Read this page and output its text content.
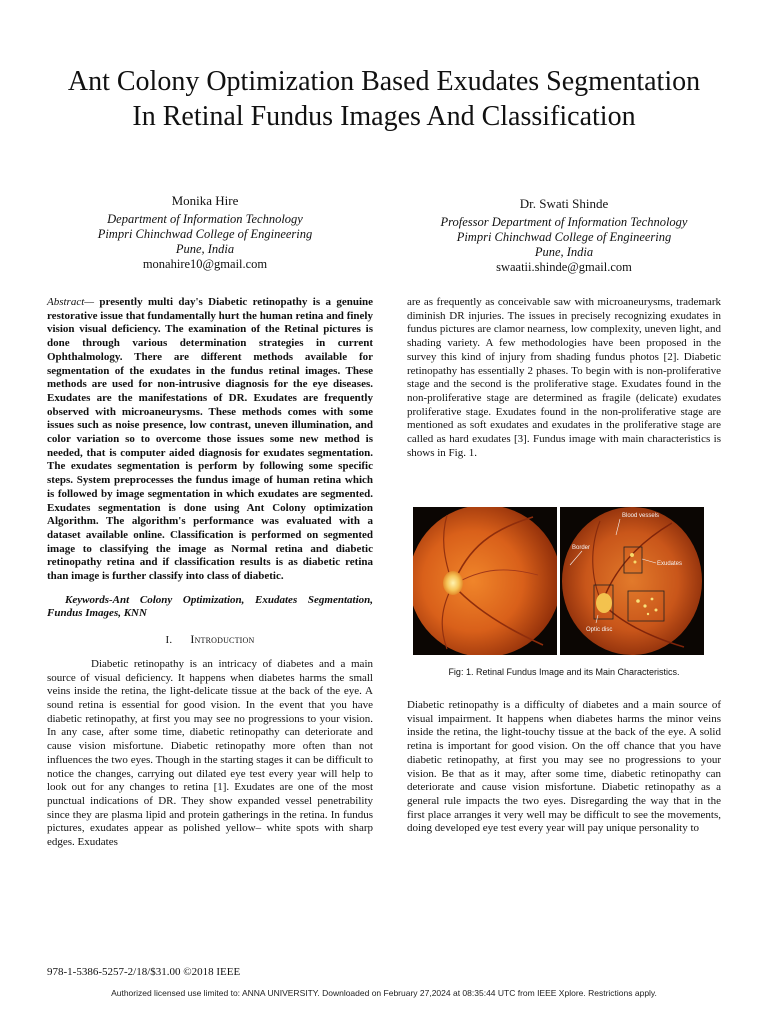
Ant Colony Optimization Based Exudates Segmentation In Retinal Fundus Images And Classification
Monika Hire
Department of Information Technology
Pimpri Chinchwad College of Engineering
Pune, India
monahire10@gmail.com
Dr. Swati Shinde
Professor Department of Information Technology
Pimpri Chinchwad College of Engineering
Pune, India
swaatii.shinde@gmail.com

Abstract— presently multi day's Diabetic retinopathy is a genuine restorative issue that fundamentally hurt the human retina and finely vision visual deficiency. The examination of the Retinal pictures is done through various determination strategies in current Ophthalmology. There are different methods available for segmentation of the exudates in the fundus retinal images. These methods are used for non-intrusive diagnosis for the eye diseases. Exudates are the manifestations of DR. Exudates are frequently observed with microaneurysms. These methods comes with some issues such as noise presence, low contrast, uneven illumination, and color variation so to overcome those issues some new method is needed, that is computer aided diagnosis for exudates segmentation. The exudates segmentation is perform by following some specific steps. System preprocesses the fundus image of human retina which is followed by image segmentation in which exudates are segmented. Exudates segmentation is done using Ant Colony optimization Algorithm. The algorithm's performance was evaluated with a dataset available online. Classification is performed on segmented image to classifying the image as Normal retina and diabetic retinopathy retina and if classification results is as diabetic retina than image is further classify into class of diabetic.

Keywords-Ant Colony Optimization, Exudates Segmentation, Fundus Images, KNN

I. Introduction

Diabetic retinopathy is an intricacy of diabetes and a main source of visual deficiency. It happens when diabetes harms the small veins inside the retina, the light-delicate tissue at the back of the eye. A sound retina is essential for good vision. In the event that you have diabetic retinopathy, at first you may see no progressions to your vision. In any case, after some time, diabetic retinopathy can deteriorate and cause vision misfortune. Diabetic retinopathy more often than not influences the two eyes. Though in the starting stages it can be difficult to notice the changes, carrying out dilated eye test every year will help to look out for any changes to retina [1]. Exudates are one of the most punctual indications of DR. They show expanded vessel penetrability since they are plasma lipid and protein gatherings in the retina. In fundus pictures, exudates appear as polished yellow– white spots with sharp edges. Exudates

are as frequently as conceivable saw with microaneurysms, trademark diminish DR injuries. The issues in precisely recognizing exudates in fundus pictures are clamor nearness, low complexity, uneven light, and shading variety. A few methodologies have been proposed in the survey this kind of injury from shading fundus photos [2]. Diabetic retinopathy has essentially 2 phases. To begin with is non-proliferative stage and the second is the proliferative stage. Exudates found in the non-proliferative stage are determined as fragile (delicate) exudates proliferative stage. Exudates found in the non-proliferative stage are mentioned as soft exudates and exudates in the proliferative stage are called as hard exudates [3]. Fundus image with main characteristics is shows in Fig. 1.

Blood vessels
Border
Exudates
Optic disc
Fig: 1. Retinal Fundus Image and its Main Characteristics.

Diabetic retinopathy is a difficulty of diabetes and a main source of visual impairment. It happens when diabetes harms the minor veins inside the retina, the light-touchy tissue at the back of the eye. A solid retina is important for good vision. On the off chance that you have diabetic retinopathy, at first you may see no progressions to your vision. Be that as it may, after some time, diabetic retinopathy can deteriorate and cause vision misfortune. Diabetic retinopathy as a general rule impacts the two eyes. Disregarding the way that in the first place arranges it very well may be difficult to see the movements, doing developed eye test every year will pay unique personality to

978-1-5386-5257-2/18/$31.00 ©2018 IEEE
Authorized licensed use limited to: ANNA UNIVERSITY. Downloaded on February 27,2024 at 08:35:44 UTC from IEEE Xplore. Restrictions apply.
